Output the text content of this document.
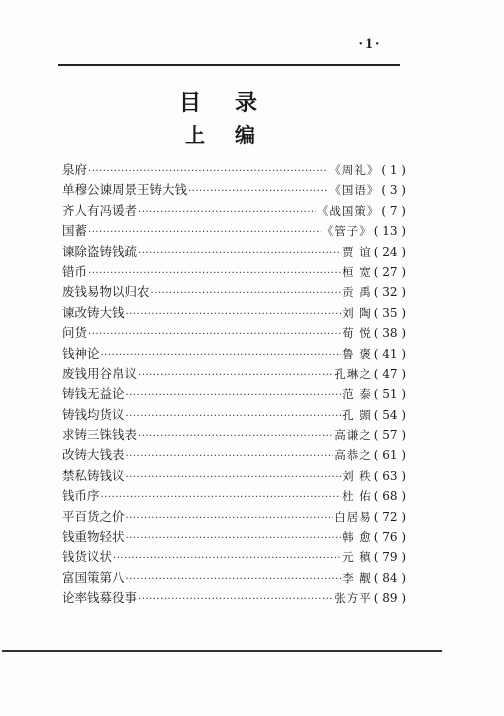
·1·
目录
上编
泉府 ·····	《周礼》 ( 1 )
单穆公谏周景王铸大钱 ·····	《国语》 ( 3 )
齐人有冯谖者 ·····	《战国策》 ( 7 )
国蓄 ·····	《管子》 ( 13 )
谏除盗铸钱疏 ·····	贾 谊 ( 24 )
错币 ·····	桓 宽 ( 27 )
废钱易物以归农 ·····	贡 禹 ( 32 )
谏改铸大钱 ·····	刘 陶 ( 35 )
问货 ·····	荀 悦 ( 38 )
钱神论 ·····	鲁 褒 ( 41 )
废钱用谷帛议 ·····	孔琳之 ( 47 )
铸钱无益论 ·····	范 泰 ( 51 )
铸钱均货议 ·····	孔 顗 ( 54 )
求铸三铢钱表 ·····	高谦之 ( 57 )
改铸大钱表 ·····	高恭之 ( 61 )
禁私铸钱议 ·····	刘 秩 ( 63 )
钱币序 ·····	杜 佑 ( 68 )
平百货之价 ·····	白居易 ( 72 )
钱重物轻状 ·····	韩 愈 ( 76 )
钱货议状 ·····	元 稹 ( 79 )
富国策第八 ·····	李 觏 ( 84 )
论率钱募役事 ·····	张方平 ( 89 )
